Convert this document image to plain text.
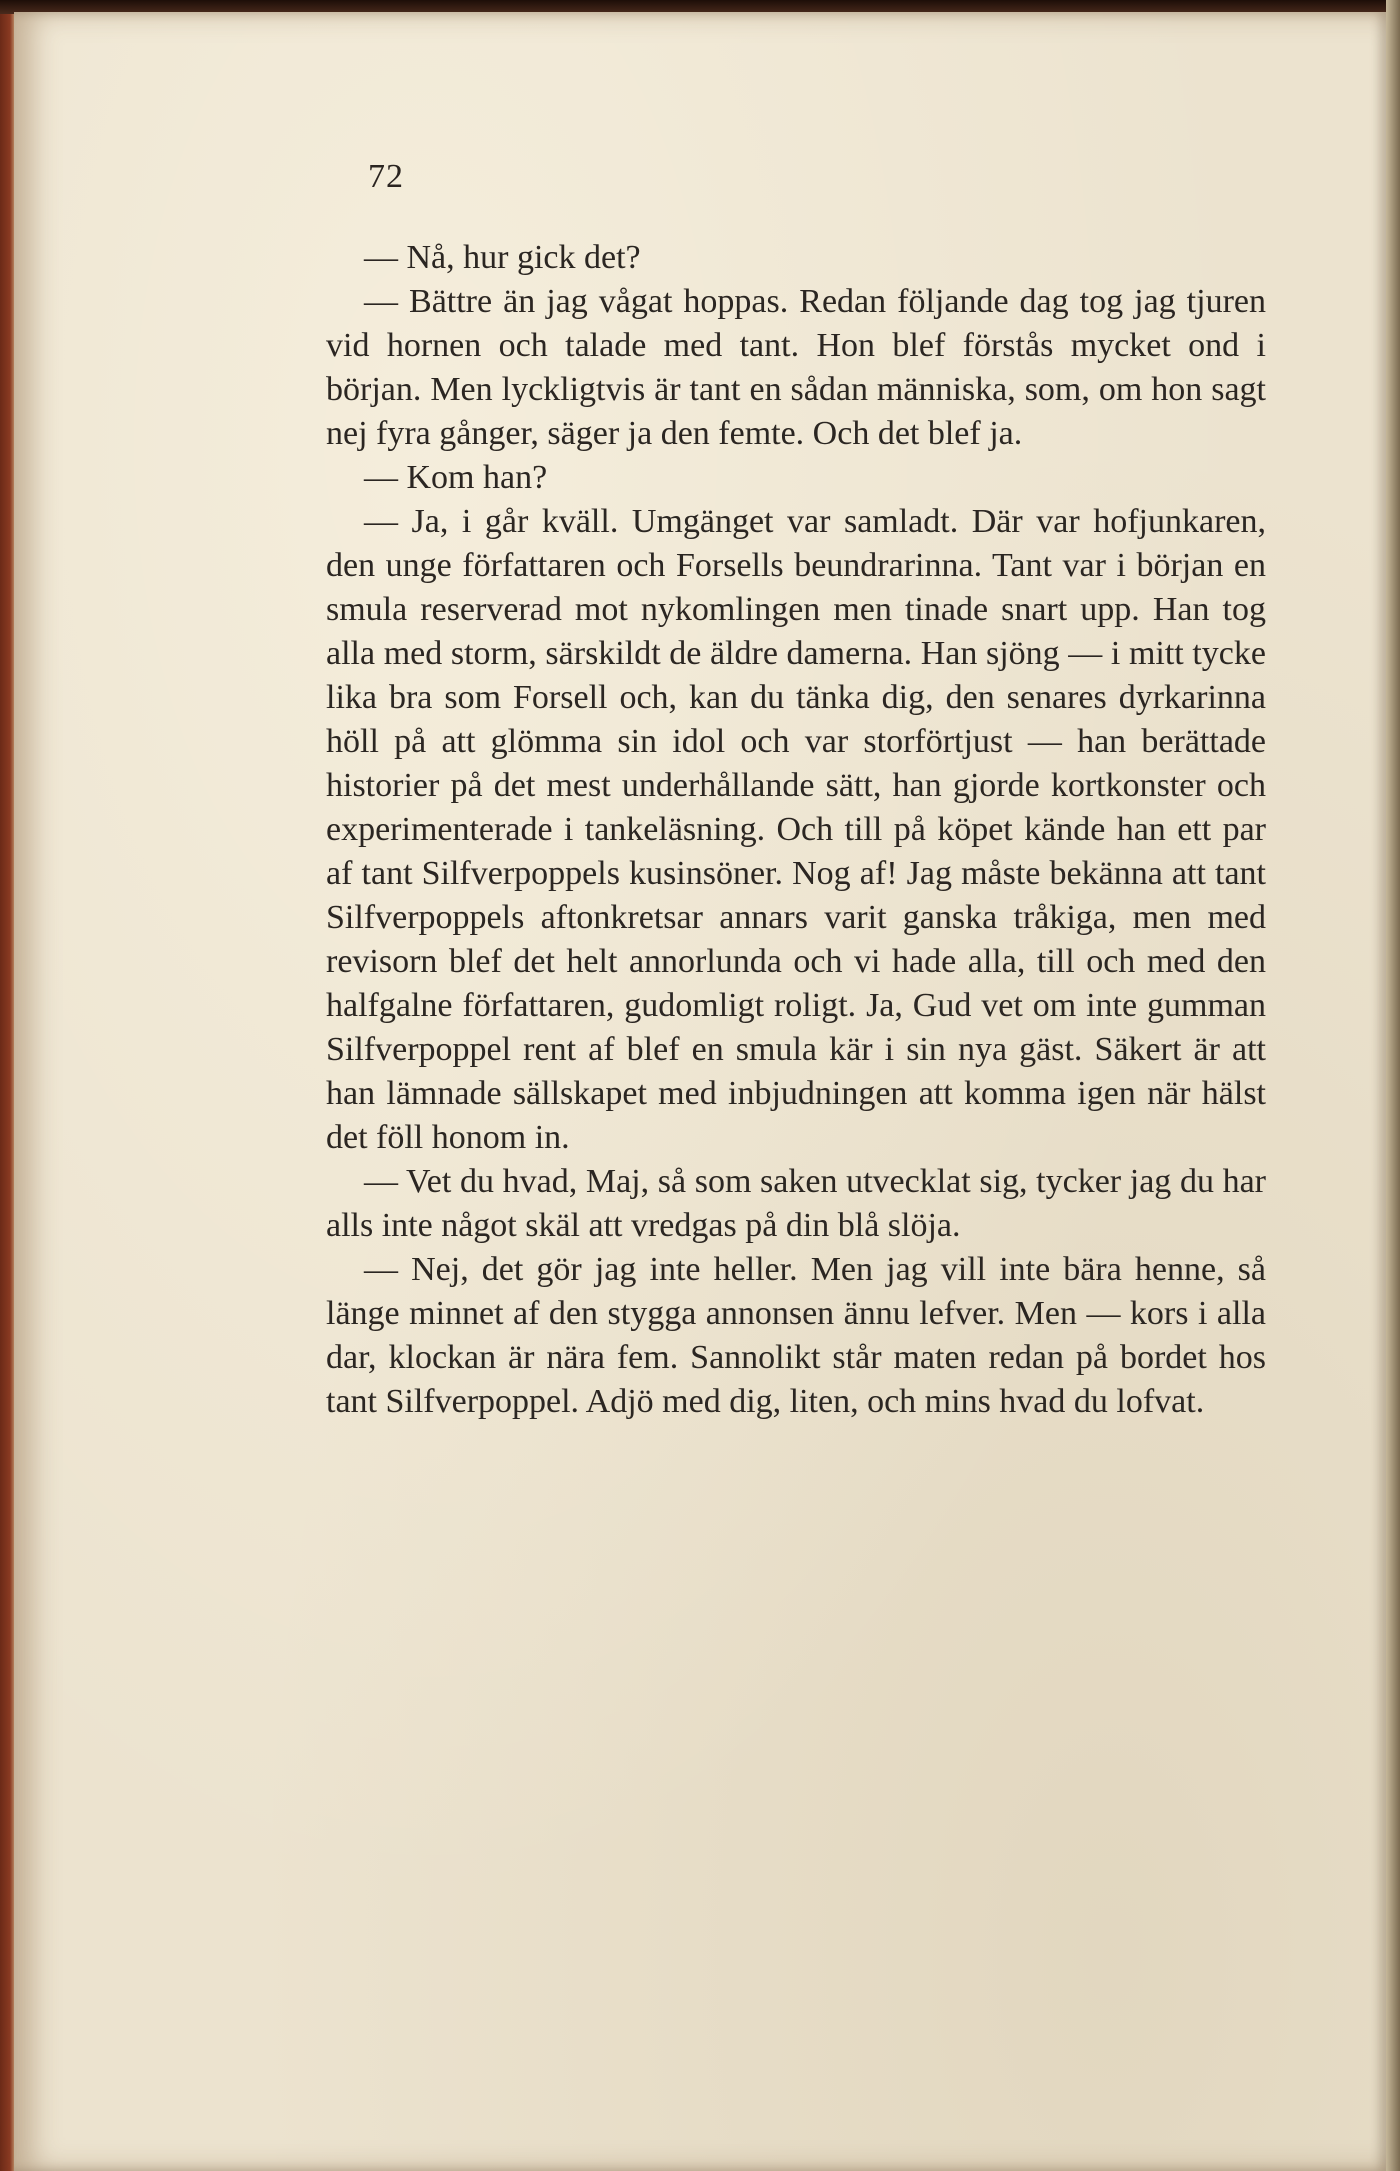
72

— Nå, hur gick det?

— Bättre än jag vågat hoppas. Redan följande dag tog jag tjuren vid hornen och talade med tant. Hon blef förstås mycket ond i början. Men lyckligtvis är tant en sådan människa, som, om hon sagt nej fyra gånger, säger ja den femte. Och det blef ja.

— Kom han?

— Ja, i går kväll. Umgänget var samladt. Där var hofjunkaren, den unge författaren och Forsells beundrarinna. Tant var i början en smula reserverad mot nykomlingen men tinade snart upp. Han tog alla med storm, särskildt de äldre damerna. Han sjöng — i mitt tycke lika bra som Forsell och, kan du tänka dig, den senares dyrkarinna höll på att glömma sin idol och var storförtjust — han berättade historier på det mest underhållande sätt, han gjorde kortkonster och experimenterade i tankeläsning. Och till på köpet kände han ett par af tant Silfverpoppels kusinsöner. Nog af! Jag måste bekänna att tant Silfverpoppels aftonkretsar annars varit ganska tråkiga, men med revisorn blef det helt annorlunda och vi hade alla, till och med den halfgalne författaren, gudomligt roligt. Ja, Gud vet om inte gumman Silfverpoppel rent af blef en smula kär i sin nya gäst. Säkert är att han lämnade sällskapet med inbjudningen att komma igen när hälst det föll honom in.

— Vet du hvad, Maj, så som saken utvecklat sig, tycker jag du har alls inte något skäl att vredgas på din blå slöja.

— Nej, det gör jag inte heller. Men jag vill inte bära henne, så länge minnet af den stygga annonsen ännu lefver. Men — kors i alla dar, klockan är nära fem. Sannolikt står maten redan på bordet hos tant Silfverpoppel. Adjö med dig, liten, och mins hvad du lofvat.
